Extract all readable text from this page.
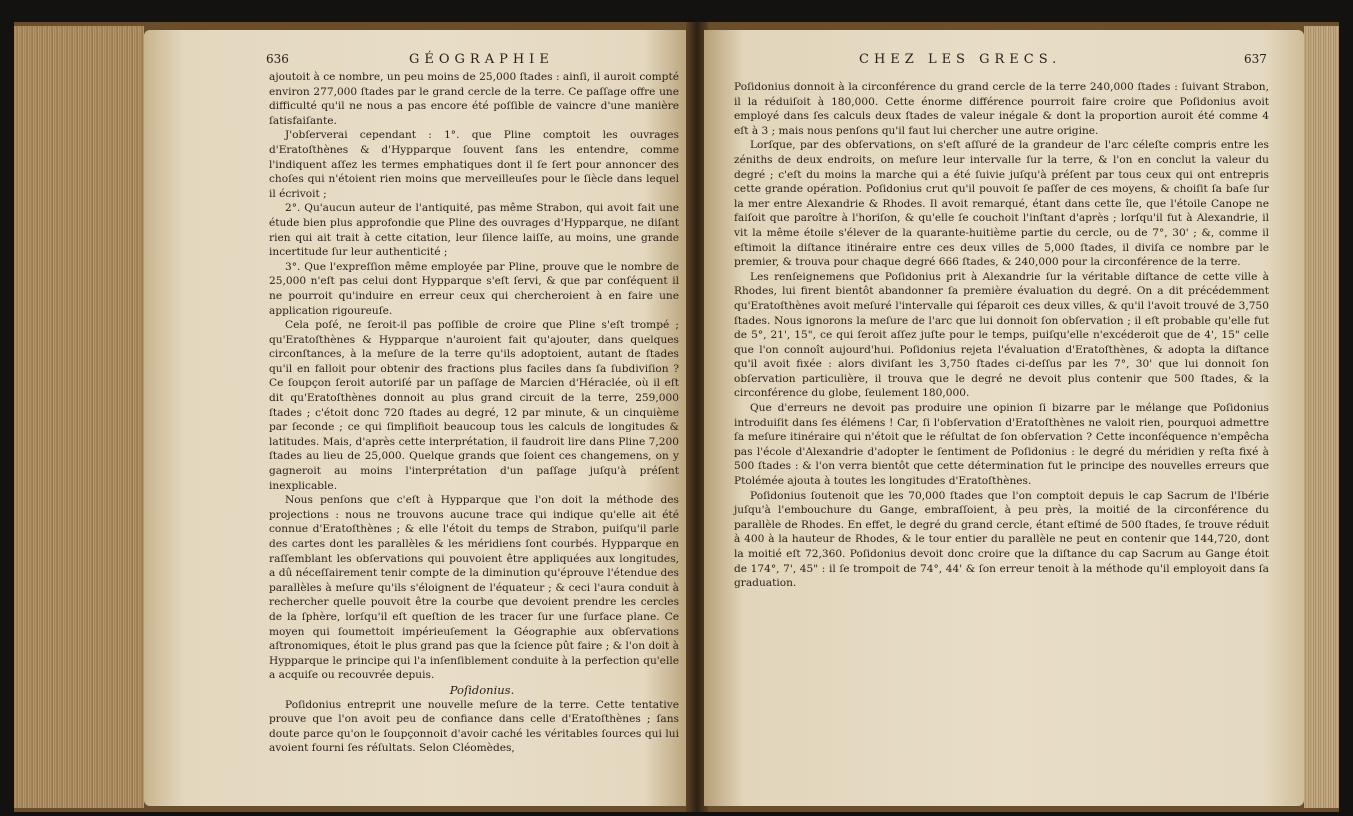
636	GÉOGRAPHIE

ajoutoit à ce nombre, un peu moins de 25,000 ſtades : ainſi, il auroit compté environ 277,000 ſtades par le grand cercle de la terre. Ce paſſage offre une difficulté qu'il ne nous a pas encore été poſſible de vaincre d'une manière ſatisfaiſante.

J'obſerverai cependant : 1°. que Pline comptoit les ouvrages d'Eratoſthènes & d'Hypparque ſouvent ſans les entendre, comme l'indiquent aſſez les termes emphatiques dont il ſe ſert pour annoncer des choſes qui n'étoient rien moins que merveilleuſes pour le ſiècle dans lequel il écrivoit ;

2°. Qu'aucun auteur de l'antiquité, pas même Strabon, qui avoit fait une étude bien plus approfondie que Pline des ouvrages d'Hypparque, ne diſant rien qui ait trait à cette citation, leur ſilence laiſſe, au moins, une grande incertitude ſur leur authenticité ;

3°. Que l'expreſſion même employée par Pline, prouve que le nombre de 25,000 n'eſt pas celui dont Hypparque s'eſt ſervi, & que par conſéquent il ne pourroit qu'induire en erreur ceux qui chercheroient à en faire une application rigoureuſe.

Cela poſé, ne ſeroit-il pas poſſible de croire que Pline s'eſt trompé ; qu'Eratoſthènes & Hypparque n'auroient fait qu'ajouter, dans quelques circonſtances, à la meſure de la terre qu'ils adoptoient, autant de ſtades qu'il en falloit pour obtenir des fractions plus faciles dans ſa ſubdiviſion ? Ce ſoupçon ſeroit autoriſé par un paſſage de Marcien d'Héraclée, où il eſt dit qu'Eratoſthènes donnoit au plus grand circuit de la terre, 259,000 ſtades ; c'étoit donc 720 ſtades au degré, 12 par minute, & un cinquième par ſeconde ; ce qui ſimplifioit beaucoup tous les calculs de longitudes & latitudes. Mais, d'après cette interprétation, il faudroit lire dans Pline 7,200 ſtades au lieu de 25,000. Quelque grands que ſoient ces changemens, on y gagneroit au moins l'interprétation d'un paſſage juſqu'à préſent inexplicable.

Nous penſons que c'eſt à Hypparque que l'on doit la méthode des projections : nous ne trouvons aucune trace qui indique qu'elle ait été connue d'Eratoſthènes ; & elle l'étoit du temps de Strabon, puiſqu'il parle des cartes dont les parallèles & les méridiens ſont courbés. Hypparque en raſſemblant les obſervations qui pouvoient être appliquées aux longitudes, a dû néceſſairement tenir compte de la diminution qu'éprouve l'étendue des parallèles à meſure qu'ils s'éloignent de l'équateur ; & ceci l'aura conduit à rechercher quelle pouvoit être la courbe que devoient prendre les cercles de la ſphère, lorſqu'il eſt queſtion de les tracer ſur une ſurface plane. Ce moyen qui ſoumettoit impérieuſement la Géographie aux obſervations aſtronomiques, étoit le plus grand pas que la ſcience pût faire ; & l'on doit à Hypparque le principe qui l'a inſenſiblement conduite à la perfection qu'elle a acquiſe ou recouvrée depuis.

Poſidonius.

Poſidonius entreprit une nouvelle meſure de la terre. Cette tentative prouve que l'on avoit peu de confiance dans celle d'Eratoſthènes ; ſans doute parce qu'on le ſoupçonnoit d'avoir caché les véritables ſources qui lui avoient fourni ſes réſultats. Selon Cléomèdes,

CHEZ LES GRECS.	637

Poſidonius donnoit à la circonférence du grand cercle de la terre 240,000 ſtades : ſuivant Strabon, il la réduiſoit à 180,000. Cette énorme différence pourroit faire croire que Poſidonius avoit employé dans ſes calculs deux ſtades de valeur inégale & dont la proportion auroit été comme 4 eſt à 3 ; mais nous penſons qu'il faut lui chercher une autre origine.

Lorſque, par des obſervations, on s'eſt aſſuré de la grandeur de l'arc céleſte compris entre les zéniths de deux endroits, on meſure leur intervalle ſur la terre, & l'on en conclut la valeur du degré ; c'eſt du moins la marche qui a été ſuivie juſqu'à préſent par tous ceux qui ont entrepris cette grande opération. Poſidonius crut qu'il pouvoit ſe paſſer de ces moyens, & choiſit ſa baſe ſur la mer entre Alexandrie & Rhodes. Il avoit remarqué, étant dans cette île, que l'étoile Canope ne faiſoit que paroître à l'horiſon, & qu'elle ſe couchoit l'inſtant d'après ; lorſqu'il fut à Alexandrie, il vit la même étoile s'élever de la quarante-huitième partie du cercle, ou de 7°, 30' ; &, comme il eſtimoit la diſtance itinéraire entre ces deux villes de 5,000 ſtades, il diviſa ce nombre par le premier, & trouva pour chaque degré 666 ſtades, & 240,000 pour la circonférence de la terre.

Les renſeignemens que Poſidonius prit à Alexandrie ſur la véritable diſtance de cette ville à Rhodes, lui firent bientôt abandonner ſa première évaluation du degré. On a dit précédemment qu'Eratoſthènes avoit meſuré l'intervalle qui ſéparoit ces deux villes, & qu'il l'avoit trouvé de 3,750 ſtades. Nous ignorons la meſure de l'arc que lui donnoit ſon obſervation ; il eſt probable qu'elle fut de 5°, 21', 15", ce qui ſeroit aſſez juſte pour le temps, puiſqu'elle n'excéderoit que de 4', 15" celle que l'on connoît aujourd'hui. Poſidonius rejeta l'évaluation d'Eratoſthènes, & adopta la diſtance qu'il avoit fixée : alors diviſant les 3,750 ſtades ci-deſſus par les 7°, 30' que lui donnoit ſon obſervation particulière, il trouva que le degré ne devoit plus contenir que 500 ſtades, & la circonférence du globe, ſeulement 180,000.

Que d'erreurs ne devoit pas produire une opinion ſi bizarre par le mélange que Poſidonius introduiſit dans ſes élémens ! Car, ſi l'obſervation d'Eratoſthènes ne valoit rien, pourquoi admettre ſa meſure itinéraire qui n'étoit que le réſultat de ſon obſervation ? Cette inconſéquence n'empêcha pas l'école d'Alexandrie d'adopter le ſentiment de Poſidonius : le degré du méridien y reſta fixé à 500 ſtades : & l'on verra bientôt que cette détermination fut le principe des nouvelles erreurs que Ptolémée ajouta à toutes les longitudes d'Eratoſthènes.

Poſidonius ſoutenoit que les 70,000 ſtades que l'on comptoit depuis le cap Sacrum de l'Ibérie juſqu'à l'embouchure du Gange, embraſſoient, à peu près, la moitié de la circonférence du parallèle de Rhodes. En effet, le degré du grand cercle, étant eſtimé de 500 ſtades, ſe trouve réduit à 400 à la hauteur de Rhodes, & le tour entier du parallèle ne peut en contenir que 144,720, dont la moitié eſt 72,360. Poſidonius devoit donc croire que la diſtance du cap Sacrum au Gange étoit de 174°, 7', 45" : il ſe trompoit de 74°, 44' & ſon erreur tenoit à la méthode qu'il employoit dans ſa graduation.
